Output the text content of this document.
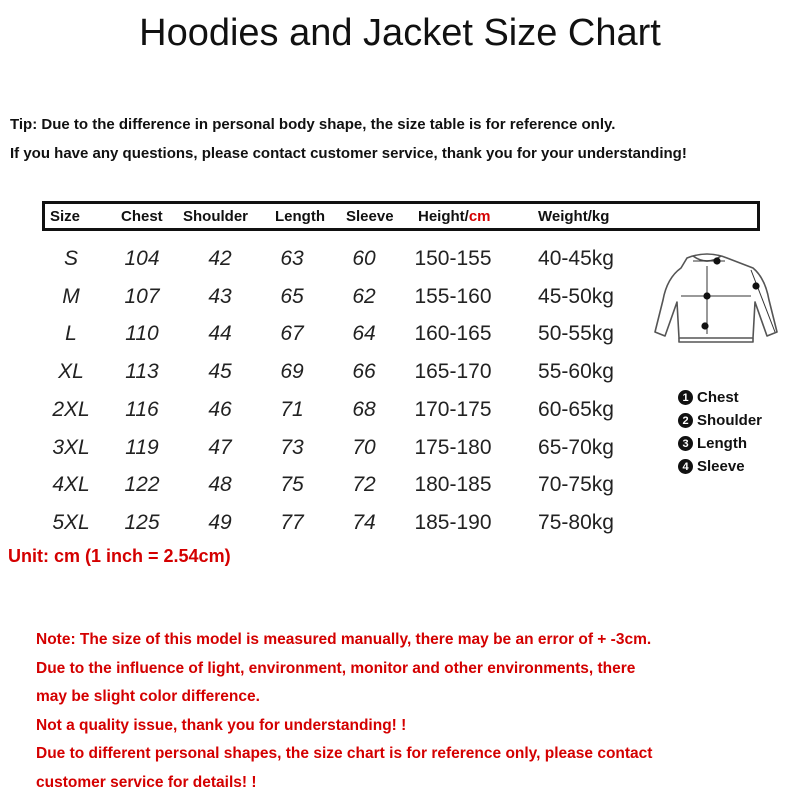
Hoodies and Jacket Size Chart
Tip: Due to the difference in personal body shape, the size table is for reference only.
If you have any questions, please contact customer service, thank you for your understanding!
Size	Chest Shoulder Length Sleeve Height/cm	Weight/kg
S	104	42	63	60	150-155	40-45kg
M	107	43	65	62	155-160	45-50kg
L	110	44	67	64	160-165	50-55kg
XL	113	45	69	66	165-170	55-60kg
2XL	116	46	71	68	170-175	60-65kg
3XL	119	47	73	70	175-180	65-70kg
4XL	122	48	75	72	180-185	70-75kg
5XL	125	49	77	74	185-190	75-80kg
Unit: cm (1 inch = 2.54cm)
1 Chest
2 Shoulder
3 Length
4 Sleeve
Note: The size of this model is measured manually, there may be an error of + -3cm.
Due to the influence of light, environment, monitor and other environments, there
may be slight color difference.
Not a quality issue, thank you for understanding! !
Due to different personal shapes, the size chart is for reference only, please contact
customer service for details! !
